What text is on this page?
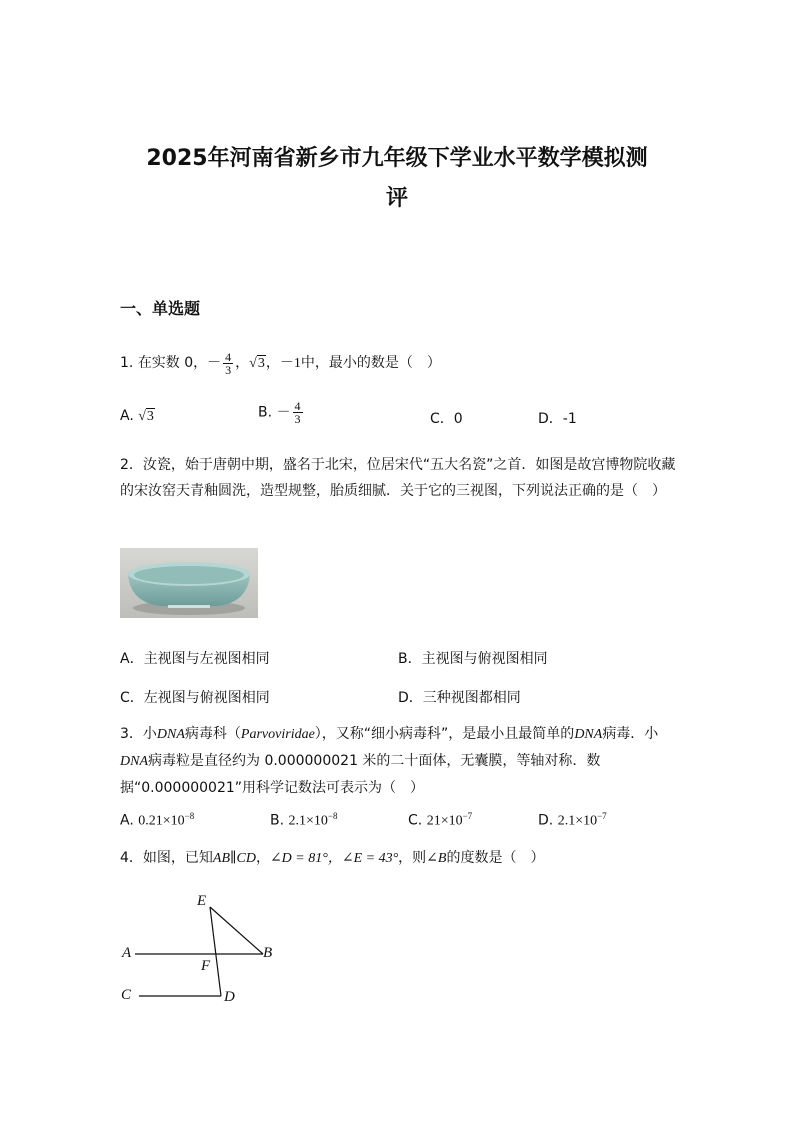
2025年河南省新乡市九年级下学业水平数学模拟测
评
一、单选题
1. 在实数 0，－ $\frac{4}{3}$ ，√3，－1中，最小的数是（　）
A. √3	B. － $\frac{4}{3}$	C．0	D．-1
2．汝瓷，始于唐朝中期，盛名于北宋，位居宋代“五大名瓷”之首．如图是故宫博物院收藏的宋汝窑天青釉圆洗，造型规整，胎质细腻．关于它的三视图，下列说法正确的是（　）
A．主视图与左视图相同	B．主视图与俯视图相同
C．左视图与俯视图相同	D．三种视图都相同
3．小DNA病毒科（Parvoviridae），又称“细小病毒科”，是最小且最简单的DNA病毒．小DNA病毒粒是直径约为 0.000000021 米的二十面体，无囊膜，等轴对称．数据“0.000000021”用科学记数法可表示为（　）
A. $0.21\times 10^{-8}$	B. $2.1\times 10^{-8}$	C. $21\times 10^{-7}$	D. $2.1\times 10^{-7}$
4．如图，已知AB∥CD，∠D = 81°，∠E = 43°，则∠B的度数是（　）
E
A	B
F
C	D
